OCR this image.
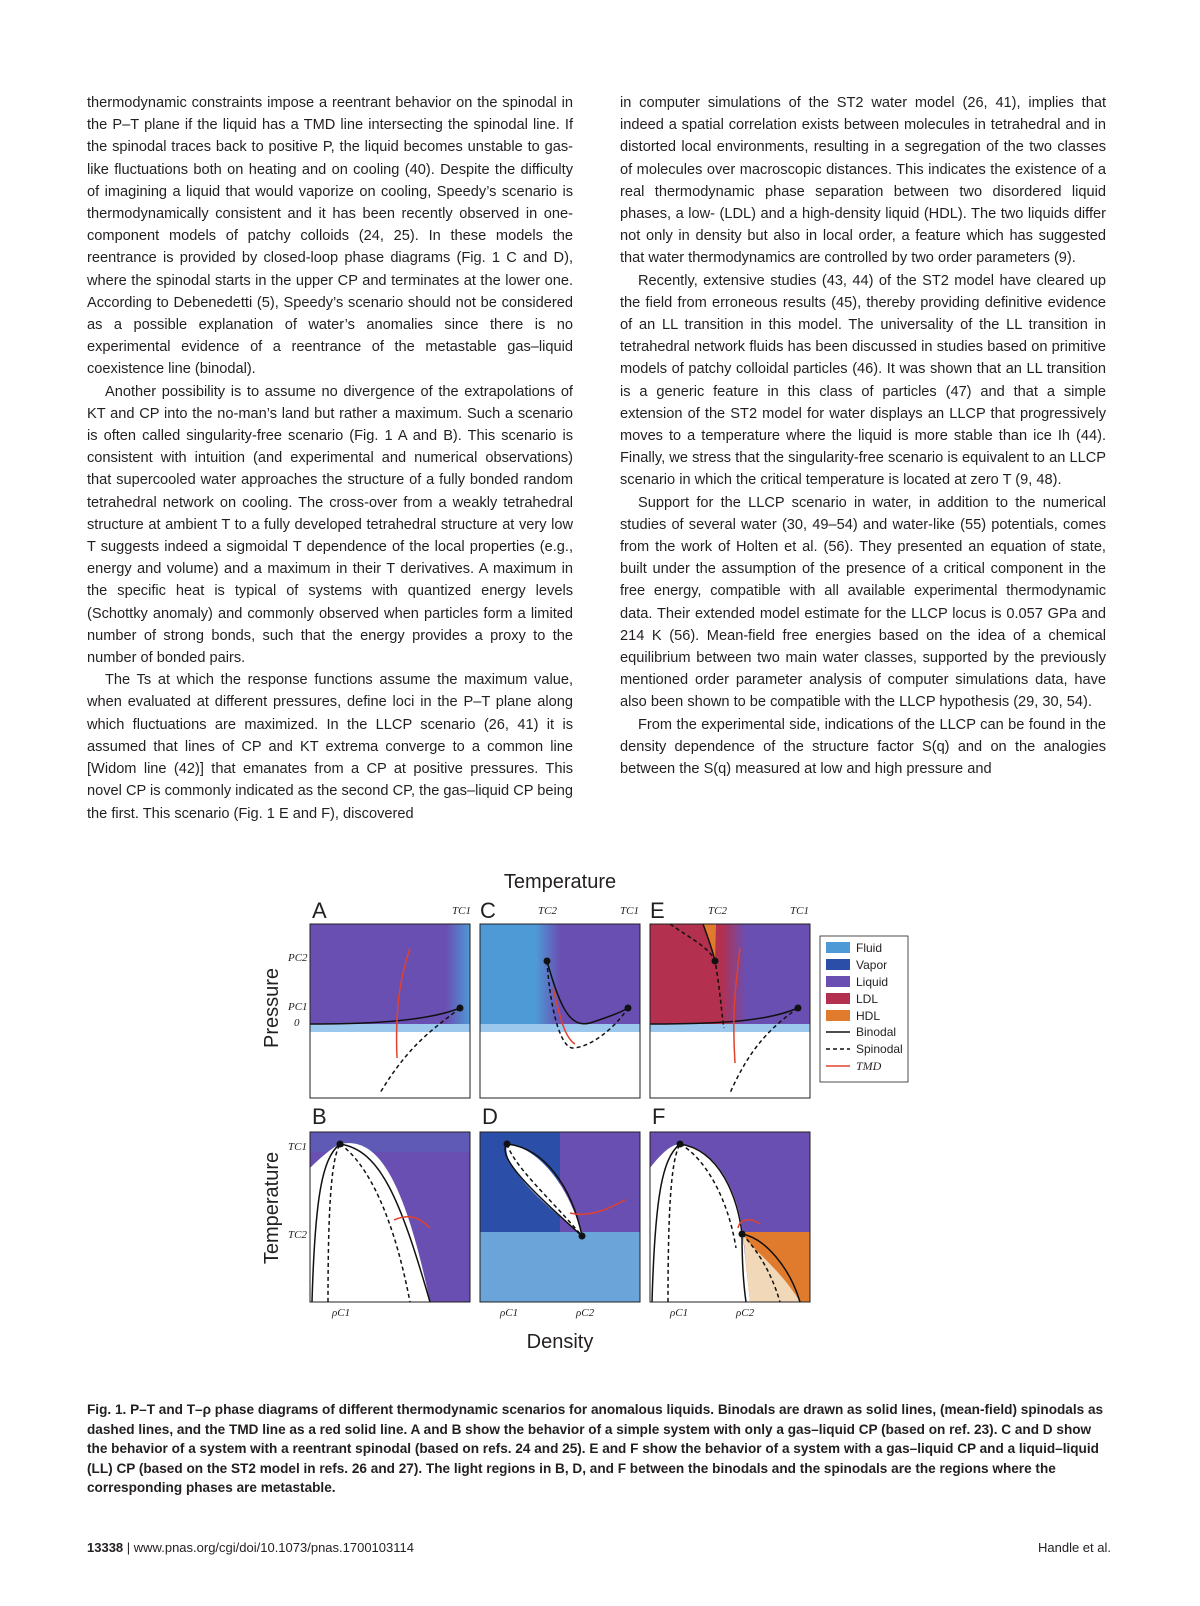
thermodynamic constraints impose a reentrant behavior on the spinodal in the P–T plane if the liquid has a TMD line intersecting the spinodal line. If the spinodal traces back to positive P, the liquid becomes unstable to gas-like fluctuations both on heating and on cooling (40). Despite the difficulty of imagining a liquid that would vaporize on cooling, Speedy’s scenario is thermodynamically consistent and it has been recently observed in one-component models of patchy colloids (24, 25). In these models the reentrance is provided by closed-loop phase diagrams (Fig. 1 C and D), where the spinodal starts in the upper CP and terminates at the lower one. According to Debenedetti (5), Speedy’s scenario should not be considered as a possible explanation of water’s anomalies since there is no experimental evidence of a reentrance of the metastable gas–liquid coexistence line (binodal).

Another possibility is to assume no divergence of the extrapolations of KT and CP into the no-man’s land but rather a maximum. Such a scenario is often called singularity-free scenario (Fig. 1 A and B). This scenario is consistent with intuition (and experimental and numerical observations) that supercooled water approaches the structure of a fully bonded random tetrahedral network on cooling. The cross-over from a weakly tetrahedral structure at ambient T to a fully developed tetrahedral structure at very low T suggests indeed a sigmoidal T dependence of the local properties (e.g., energy and volume) and a maximum in their T derivatives. A maximum in the specific heat is typical of systems with quantized energy levels (Schottky anomaly) and commonly observed when particles form a limited number of strong bonds, such that the energy provides a proxy to the number of bonded pairs.

The Ts at which the response functions assume the maximum value, when evaluated at different pressures, define loci in the P–T plane along which fluctuations are maximized. In the LLCP scenario (26, 41) it is assumed that lines of CP and KT extrema converge to a common line [Widom line (42)] that emanates from a CP at positive pressures. This novel CP is commonly indicated as the second CP, the gas–liquid CP being the first. This scenario (Fig. 1 E and F), discovered

in computer simulations of the ST2 water model (26, 41), implies that indeed a spatial correlation exists between molecules in tetrahedral and in distorted local environments, resulting in a segregation of the two classes of molecules over macroscopic distances. This indicates the existence of a real thermodynamic phase separation between two disordered liquid phases, a low- (LDL) and a high-density liquid (HDL). The two liquids differ not only in density but also in local order, a feature which has suggested that water thermodynamics are controlled by two order parameters (9).

Recently, extensive studies (43, 44) of the ST2 model have cleared up the field from erroneous results (45), thereby providing definitive evidence of an LL transition in this model. The universality of the LL transition in tetrahedral network fluids has been discussed in studies based on primitive models of patchy colloidal particles (46). It was shown that an LL transition is a generic feature in this class of particles (47) and that a simple extension of the ST2 model for water displays an LLCP that progressively moves to a temperature where the liquid is more stable than ice Ih (44). Finally, we stress that the singularity-free scenario is equivalent to an LLCP scenario in which the critical temperature is located at zero T (9, 48).

Support for the LLCP scenario in water, in addition to the numerical studies of several water (30, 49–54) and water-like (55) potentials, comes from the work of Holten et al. (56). They presented an equation of state, built under the assumption of the presence of a critical component in the free energy, compatible with all available experimental thermodynamic data. Their extended model estimate for the LLCP locus is 0.057 GPa and 214 K (56). Mean-field free energies based on the idea of a chemical equilibrium between two main water classes, supported by the previously mentioned order parameter analysis of computer simulations data, have also been shown to be compatible with the LLCP hypothesis (29, 30, 54).

From the experimental side, indications of the LLCP can be found in the density dependence of the structure factor S(q) and on the analogies between the S(q) measured at low and high pressure and

Temperature
Density
Pressure
Temperature
A	TC1
PC2
PC1
0
C	TC2	TC1 E	TC2	TC1
Fluid
Vapor
Liquid
LDL
HDL
Binodal
Spinodal
TMD
B
TC1
TC2
ρC1
D
ρC1	ρC2
F
ρC1	ρC2
Fig. 1. P–T and T–ρ phase diagrams of different thermodynamic scenarios for anomalous liquids. Binodals are drawn as solid lines, (mean-field) spinodals as dashed lines, and the TMD line as a red solid line. A and B show the behavior of a simple system with only a gas–liquid CP (based on ref. 23). C and D show the behavior of a system with a reentrant spinodal (based on refs. 24 and 25). E and F show the behavior of a system with a gas–liquid CP and a liquid–liquid (LL) CP (based on the ST2 model in refs. 26 and 27). The light regions in B, D, and F between the binodals and the spinodals are the regions where the corresponding phases are metastable.
13338 | www.pnas.org/cgi/doi/10.1073/pnas.1700103114	Handle et al.
